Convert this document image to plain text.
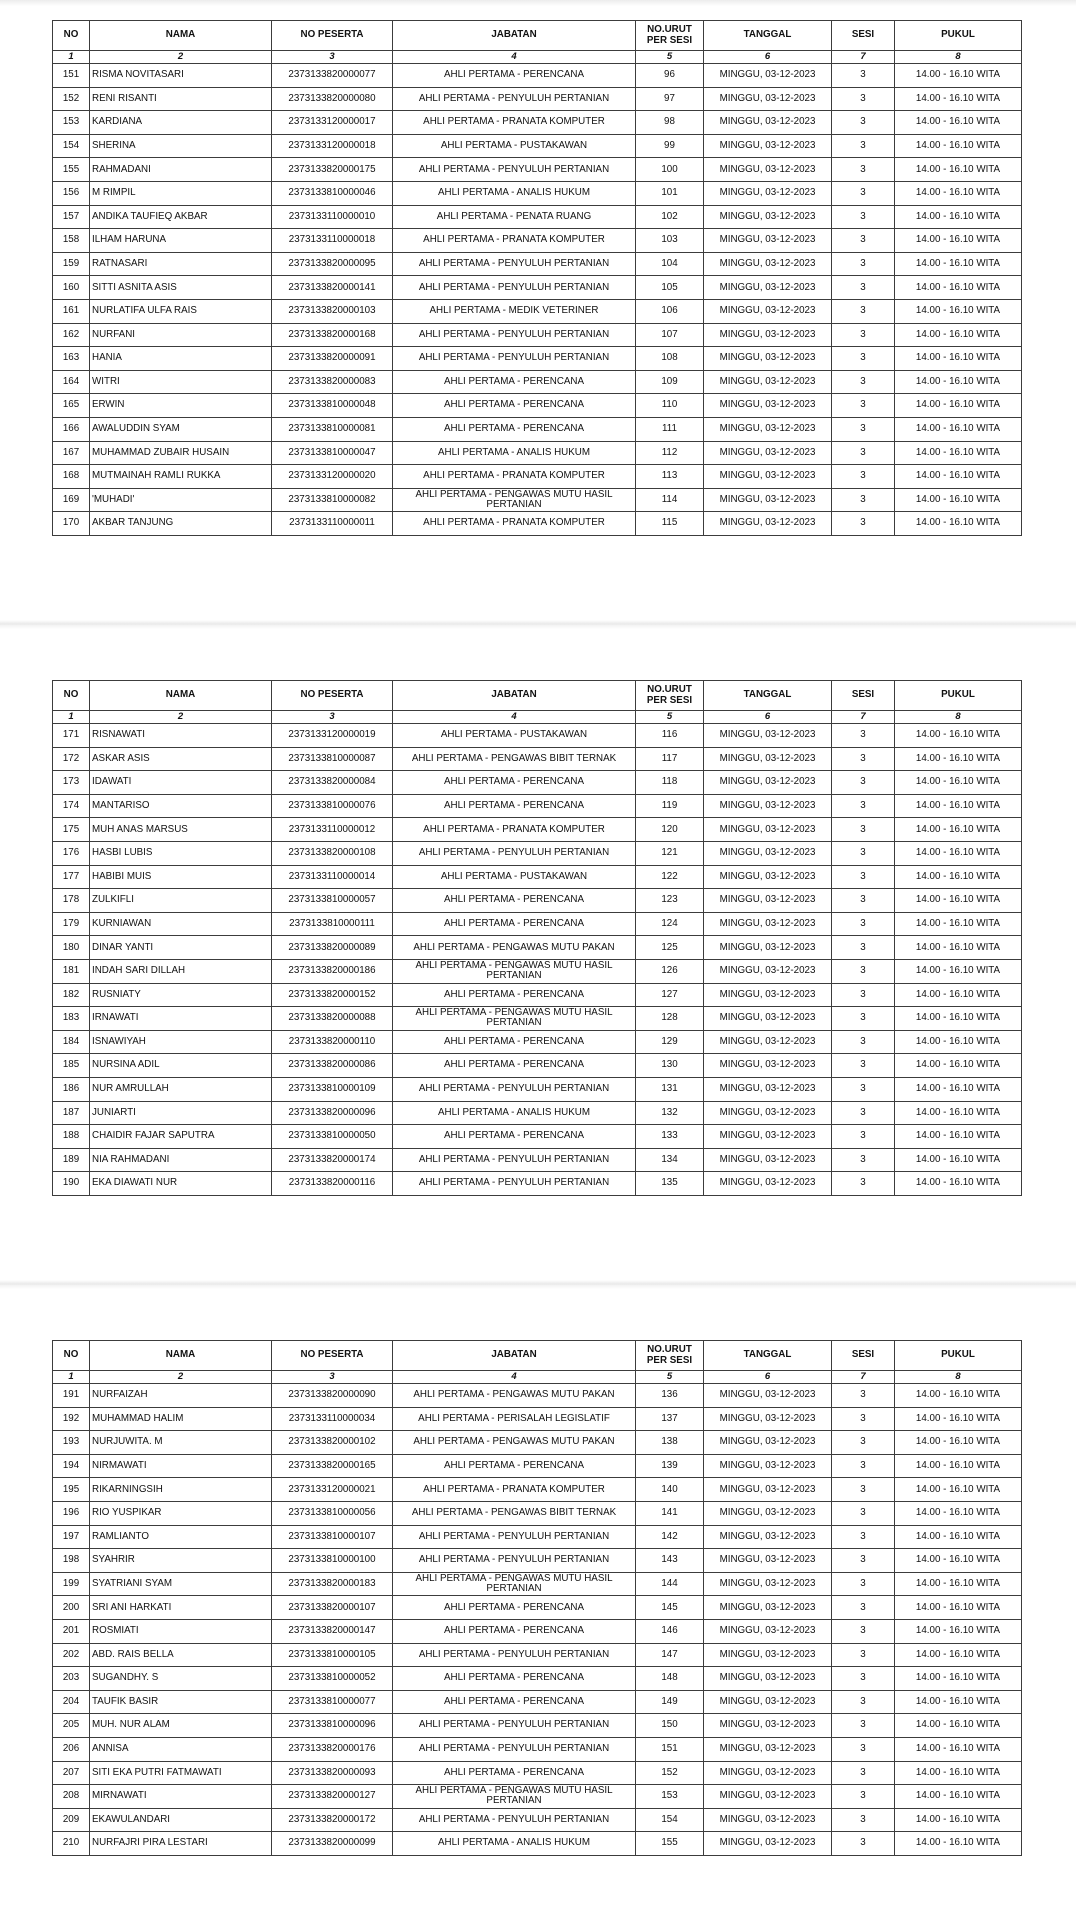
NO	NAMA	NO PESERTA	JABATAN	NO.URUT PER SESI	TANGGAL	SESI	PUKUL
1	2	3	4	5	6	7	8
151	RISMA NOVITASARI	2373133820000077	AHLI PERTAMA - PERENCANA	96	MINGGU, 03-12-2023	3	14.00 - 16.10 WITA
152	RENI RISANTI	2373133820000080	AHLI PERTAMA - PENYULUH PERTANIAN	97	MINGGU, 03-12-2023	3	14.00 - 16.10 WITA
153	KARDIANA	2373133120000017	AHLI PERTAMA - PRANATA KOMPUTER	98	MINGGU, 03-12-2023	3	14.00 - 16.10 WITA
154	SHERINA	2373133120000018	AHLI PERTAMA - PUSTAKAWAN	99	MINGGU, 03-12-2023	3	14.00 - 16.10 WITA
155	RAHMADANI	2373133820000175	AHLI PERTAMA - PENYULUH PERTANIAN	100	MINGGU, 03-12-2023	3	14.00 - 16.10 WITA
156	M RIMPIL	2373133810000046	AHLI PERTAMA - ANALIS HUKUM	101	MINGGU, 03-12-2023	3	14.00 - 16.10 WITA
157	ANDIKA TAUFIEQ AKBAR	2373133110000010	AHLI PERTAMA - PENATA RUANG	102	MINGGU, 03-12-2023	3	14.00 - 16.10 WITA
158	ILHAM HARUNA	2373133110000018	AHLI PERTAMA - PRANATA KOMPUTER	103	MINGGU, 03-12-2023	3	14.00 - 16.10 WITA
159	RATNASARI	2373133820000095	AHLI PERTAMA - PENYULUH PERTANIAN	104	MINGGU, 03-12-2023	3	14.00 - 16.10 WITA
160	SITTI ASNITA ASIS	2373133820000141	AHLI PERTAMA - PENYULUH PERTANIAN	105	MINGGU, 03-12-2023	3	14.00 - 16.10 WITA
161	NURLATIFA ULFA RAIS	2373133820000103	AHLI PERTAMA - MEDIK VETERINER	106	MINGGU, 03-12-2023	3	14.00 - 16.10 WITA
162	NURFANI	2373133820000168	AHLI PERTAMA - PENYULUH PERTANIAN	107	MINGGU, 03-12-2023	3	14.00 - 16.10 WITA
163	HANIA	2373133820000091	AHLI PERTAMA - PENYULUH PERTANIAN	108	MINGGU, 03-12-2023	3	14.00 - 16.10 WITA
164	WITRI	2373133820000083	AHLI PERTAMA - PERENCANA	109	MINGGU, 03-12-2023	3	14.00 - 16.10 WITA
165	ERWIN	2373133810000048	AHLI PERTAMA - PERENCANA	110	MINGGU, 03-12-2023	3	14.00 - 16.10 WITA
166	AWALUDDIN SYAM	2373133810000081	AHLI PERTAMA - PERENCANA	111	MINGGU, 03-12-2023	3	14.00 - 16.10 WITA
167	MUHAMMAD ZUBAIR HUSAIN	2373133810000047	AHLI PERTAMA - ANALIS HUKUM	112	MINGGU, 03-12-2023	3	14.00 - 16.10 WITA
168	MUTMAINAH RAMLI RUKKA	2373133120000020	AHLI PERTAMA - PRANATA KOMPUTER	113	MINGGU, 03-12-2023	3	14.00 - 16.10 WITA
169	'MUHADI'	2373133810000082	AHLI PERTAMA - PENGAWAS MUTU HASIL PERTANIAN	114	MINGGU, 03-12-2023	3	14.00 - 16.10 WITA
170	AKBAR TANJUNG	2373133110000011	AHLI PERTAMA - PRANATA KOMPUTER	115	MINGGU, 03-12-2023	3	14.00 - 16.10 WITA
NO	NAMA	NO PESERTA	JABATAN	NO.URUT PER SESI	TANGGAL	SESI	PUKUL
1	2	3	4	5	6	7	8
171	RISNAWATI	2373133120000019	AHLI PERTAMA - PUSTAKAWAN	116	MINGGU, 03-12-2023	3	14.00 - 16.10 WITA
172	ASKAR ASIS	2373133810000087	AHLI PERTAMA - PENGAWAS BIBIT TERNAK	117	MINGGU, 03-12-2023	3	14.00 - 16.10 WITA
173	IDAWATI	2373133820000084	AHLI PERTAMA - PERENCANA	118	MINGGU, 03-12-2023	3	14.00 - 16.10 WITA
174	MANTARISO	2373133810000076	AHLI PERTAMA - PERENCANA	119	MINGGU, 03-12-2023	3	14.00 - 16.10 WITA
175	MUH ANAS MARSUS	2373133110000012	AHLI PERTAMA - PRANATA KOMPUTER	120	MINGGU, 03-12-2023	3	14.00 - 16.10 WITA
176	HASBI LUBIS	2373133820000108	AHLI PERTAMA - PENYULUH PERTANIAN	121	MINGGU, 03-12-2023	3	14.00 - 16.10 WITA
177	HABIBI MUIS	2373133110000014	AHLI PERTAMA - PUSTAKAWAN	122	MINGGU, 03-12-2023	3	14.00 - 16.10 WITA
178	ZULKIFLI	2373133810000057	AHLI PERTAMA - PERENCANA	123	MINGGU, 03-12-2023	3	14.00 - 16.10 WITA
179	KURNIAWAN	2373133810000111	AHLI PERTAMA - PERENCANA	124	MINGGU, 03-12-2023	3	14.00 - 16.10 WITA
180	DINAR YANTI	2373133820000089	AHLI PERTAMA - PENGAWAS MUTU PAKAN	125	MINGGU, 03-12-2023	3	14.00 - 16.10 WITA
181	INDAH SARI DILLAH	2373133820000186	AHLI PERTAMA - PENGAWAS MUTU HASIL PERTANIAN	126	MINGGU, 03-12-2023	3	14.00 - 16.10 WITA
182	RUSNIATY	2373133820000152	AHLI PERTAMA - PERENCANA	127	MINGGU, 03-12-2023	3	14.00 - 16.10 WITA
183	IRNAWATI	2373133820000088	AHLI PERTAMA - PENGAWAS MUTU HASIL PERTANIAN	128	MINGGU, 03-12-2023	3	14.00 - 16.10 WITA
184	ISNAWIYAH	2373133820000110	AHLI PERTAMA - PERENCANA	129	MINGGU, 03-12-2023	3	14.00 - 16.10 WITA
185	NURSINA ADIL	2373133820000086	AHLI PERTAMA - PERENCANA	130	MINGGU, 03-12-2023	3	14.00 - 16.10 WITA
186	NUR AMRULLAH	2373133810000109	AHLI PERTAMA - PENYULUH PERTANIAN	131	MINGGU, 03-12-2023	3	14.00 - 16.10 WITA
187	JUNIARTI	2373133820000096	AHLI PERTAMA - ANALIS HUKUM	132	MINGGU, 03-12-2023	3	14.00 - 16.10 WITA
188	CHAIDIR FAJAR SAPUTRA	2373133810000050	AHLI PERTAMA - PERENCANA	133	MINGGU, 03-12-2023	3	14.00 - 16.10 WITA
189	NIA RAHMADANI	2373133820000174	AHLI PERTAMA - PENYULUH PERTANIAN	134	MINGGU, 03-12-2023	3	14.00 - 16.10 WITA
190	EKA DIAWATI NUR	2373133820000116	AHLI PERTAMA - PENYULUH PERTANIAN	135	MINGGU, 03-12-2023	3	14.00 - 16.10 WITA
NO	NAMA	NO PESERTA	JABATAN	NO.URUT PER SESI	TANGGAL	SESI	PUKUL
1	2	3	4	5	6	7	8
191	NURFAIZAH	2373133820000090	AHLI PERTAMA - PENGAWAS MUTU PAKAN	136	MINGGU, 03-12-2023	3	14.00 - 16.10 WITA
192	MUHAMMAD HALIM	2373133110000034	AHLI PERTAMA - PERISALAH LEGISLATIF	137	MINGGU, 03-12-2023	3	14.00 - 16.10 WITA
193	NURJUWITA. M	2373133820000102	AHLI PERTAMA - PENGAWAS MUTU PAKAN	138	MINGGU, 03-12-2023	3	14.00 - 16.10 WITA
194	NIRMAWATI	2373133820000165	AHLI PERTAMA - PERENCANA	139	MINGGU, 03-12-2023	3	14.00 - 16.10 WITA
195	RIKARNINGSIH	2373133120000021	AHLI PERTAMA - PRANATA KOMPUTER	140	MINGGU, 03-12-2023	3	14.00 - 16.10 WITA
196	RIO YUSPIKAR	2373133810000056	AHLI PERTAMA - PENGAWAS BIBIT TERNAK	141	MINGGU, 03-12-2023	3	14.00 - 16.10 WITA
197	RAMLIANTO	2373133810000107	AHLI PERTAMA - PENYULUH PERTANIAN	142	MINGGU, 03-12-2023	3	14.00 - 16.10 WITA
198	SYAHRIR	2373133810000100	AHLI PERTAMA - PENYULUH PERTANIAN	143	MINGGU, 03-12-2023	3	14.00 - 16.10 WITA
199	SYATRIANI SYAM	2373133820000183	AHLI PERTAMA - PENGAWAS MUTU HASIL PERTANIAN	144	MINGGU, 03-12-2023	3	14.00 - 16.10 WITA
200	SRI ANI HARKATI	2373133820000107	AHLI PERTAMA - PERENCANA	145	MINGGU, 03-12-2023	3	14.00 - 16.10 WITA
201	ROSMIATI	2373133820000147	AHLI PERTAMA - PERENCANA	146	MINGGU, 03-12-2023	3	14.00 - 16.10 WITA
202	ABD. RAIS BELLA	2373133810000105	AHLI PERTAMA - PENYULUH PERTANIAN	147	MINGGU, 03-12-2023	3	14.00 - 16.10 WITA
203	SUGANDHY. S	2373133810000052	AHLI PERTAMA - PERENCANA	148	MINGGU, 03-12-2023	3	14.00 - 16.10 WITA
204	TAUFIK BASIR	2373133810000077	AHLI PERTAMA - PERENCANA	149	MINGGU, 03-12-2023	3	14.00 - 16.10 WITA
205	MUH. NUR ALAM	2373133810000096	AHLI PERTAMA - PENYULUH PERTANIAN	150	MINGGU, 03-12-2023	3	14.00 - 16.10 WITA
206	ANNISA	2373133820000176	AHLI PERTAMA - PENYULUH PERTANIAN	151	MINGGU, 03-12-2023	3	14.00 - 16.10 WITA
207	SITI EKA PUTRI FATMAWATI	2373133820000093	AHLI PERTAMA - PERENCANA	152	MINGGU, 03-12-2023	3	14.00 - 16.10 WITA
208	MIRNAWATI	2373133820000127	AHLI PERTAMA - PENGAWAS MUTU HASIL PERTANIAN	153	MINGGU, 03-12-2023	3	14.00 - 16.10 WITA
209	EKAWULANDARI	2373133820000172	AHLI PERTAMA - PENYULUH PERTANIAN	154	MINGGU, 03-12-2023	3	14.00 - 16.10 WITA
210	NURFAJRI PIRA LESTARI	2373133820000099	AHLI PERTAMA - ANALIS HUKUM	155	MINGGU, 03-12-2023	3	14.00 - 16.10 WITA
